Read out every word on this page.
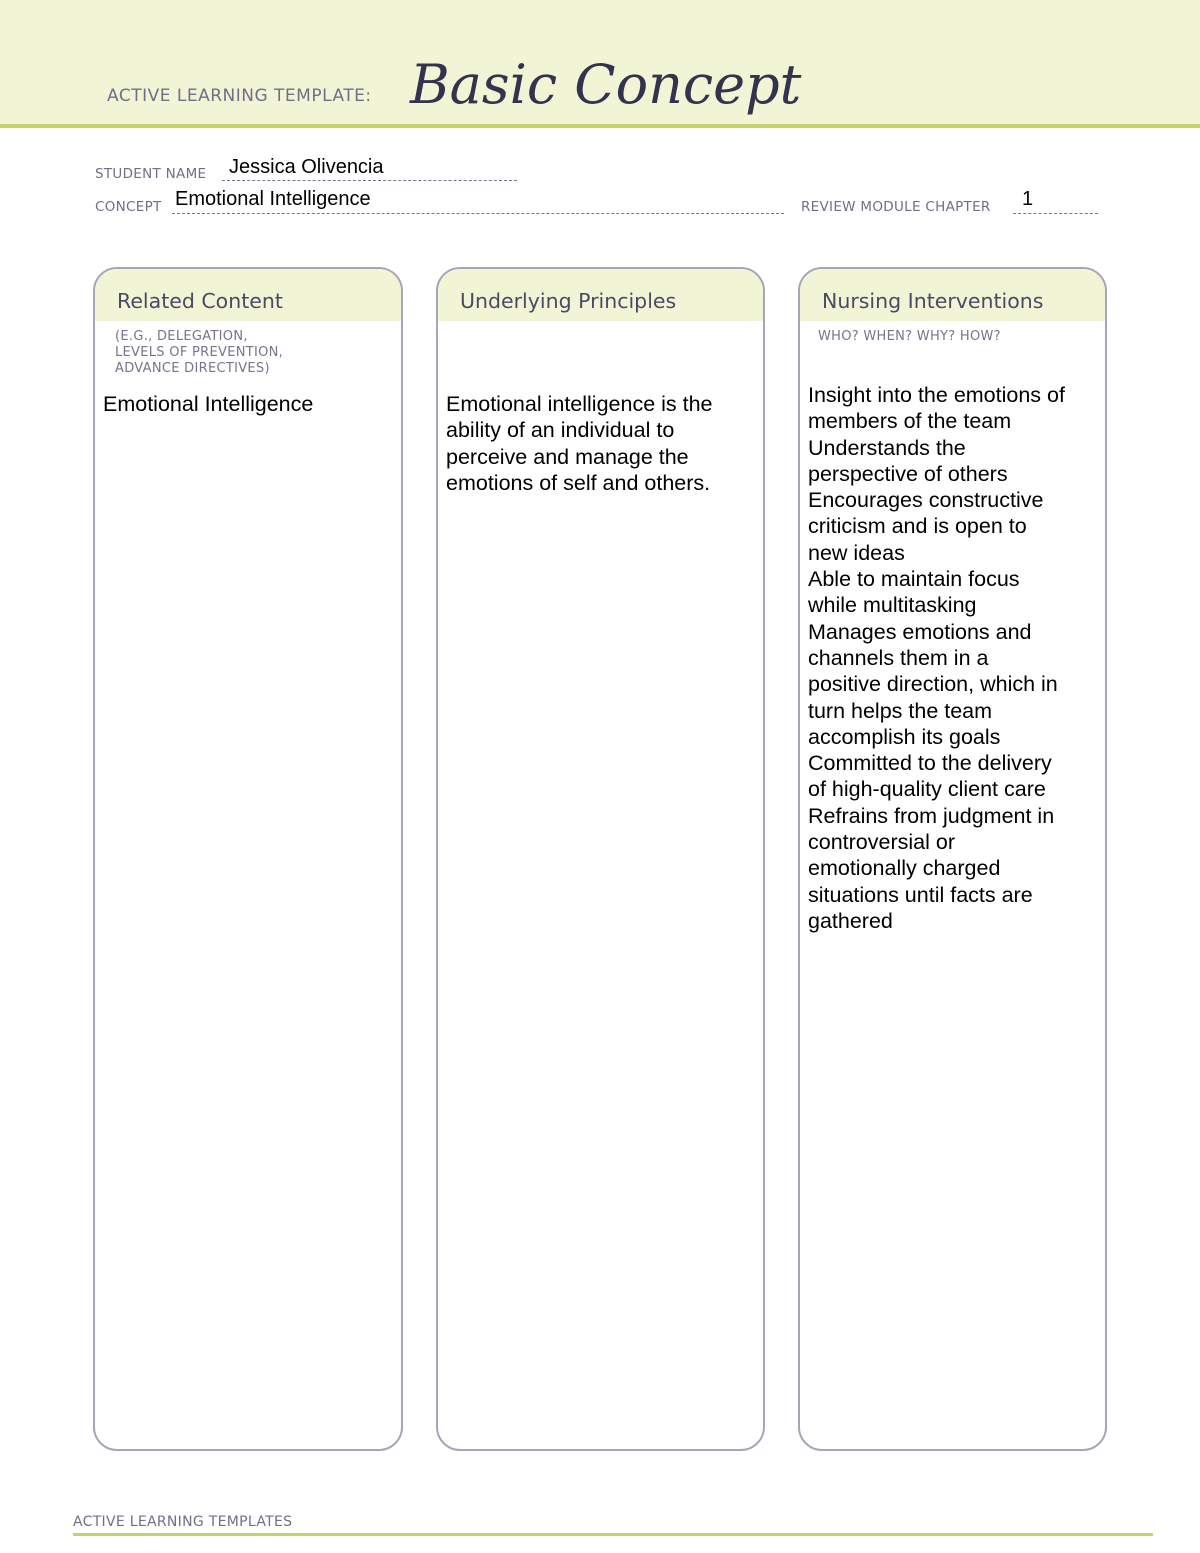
ACTIVE LEARNING TEMPLATE: Basic Concept
STUDENT NAME Jessica Olivencia
CONCEPT Emotional Intelligence	REVIEW MODULE CHAPTER 1
Related Content
(E.G., DELEGATION,
LEVELS OF PREVENTION,
ADVANCE DIRECTIVES)
Emotional Intelligence
Underlying Principles
Emotional intelligence is the
ability of an individual to
perceive and manage the
emotions of self and others.
Nursing Interventions
WHO? WHEN? WHY? HOW?
Insight into the emotions of
members of the team
Understands the
perspective of others
Encourages constructive
criticism and is open to
new ideas
Able to maintain focus
while multitasking
Manages emotions and
channels them in a
positive direction, which in
turn helps the team
accomplish its goals
Committed to the delivery
of high-quality client care
Refrains from judgment in
controversial or
emotionally charged
situations until facts are
gathered
ACTIVE LEARNING TEMPLATES
